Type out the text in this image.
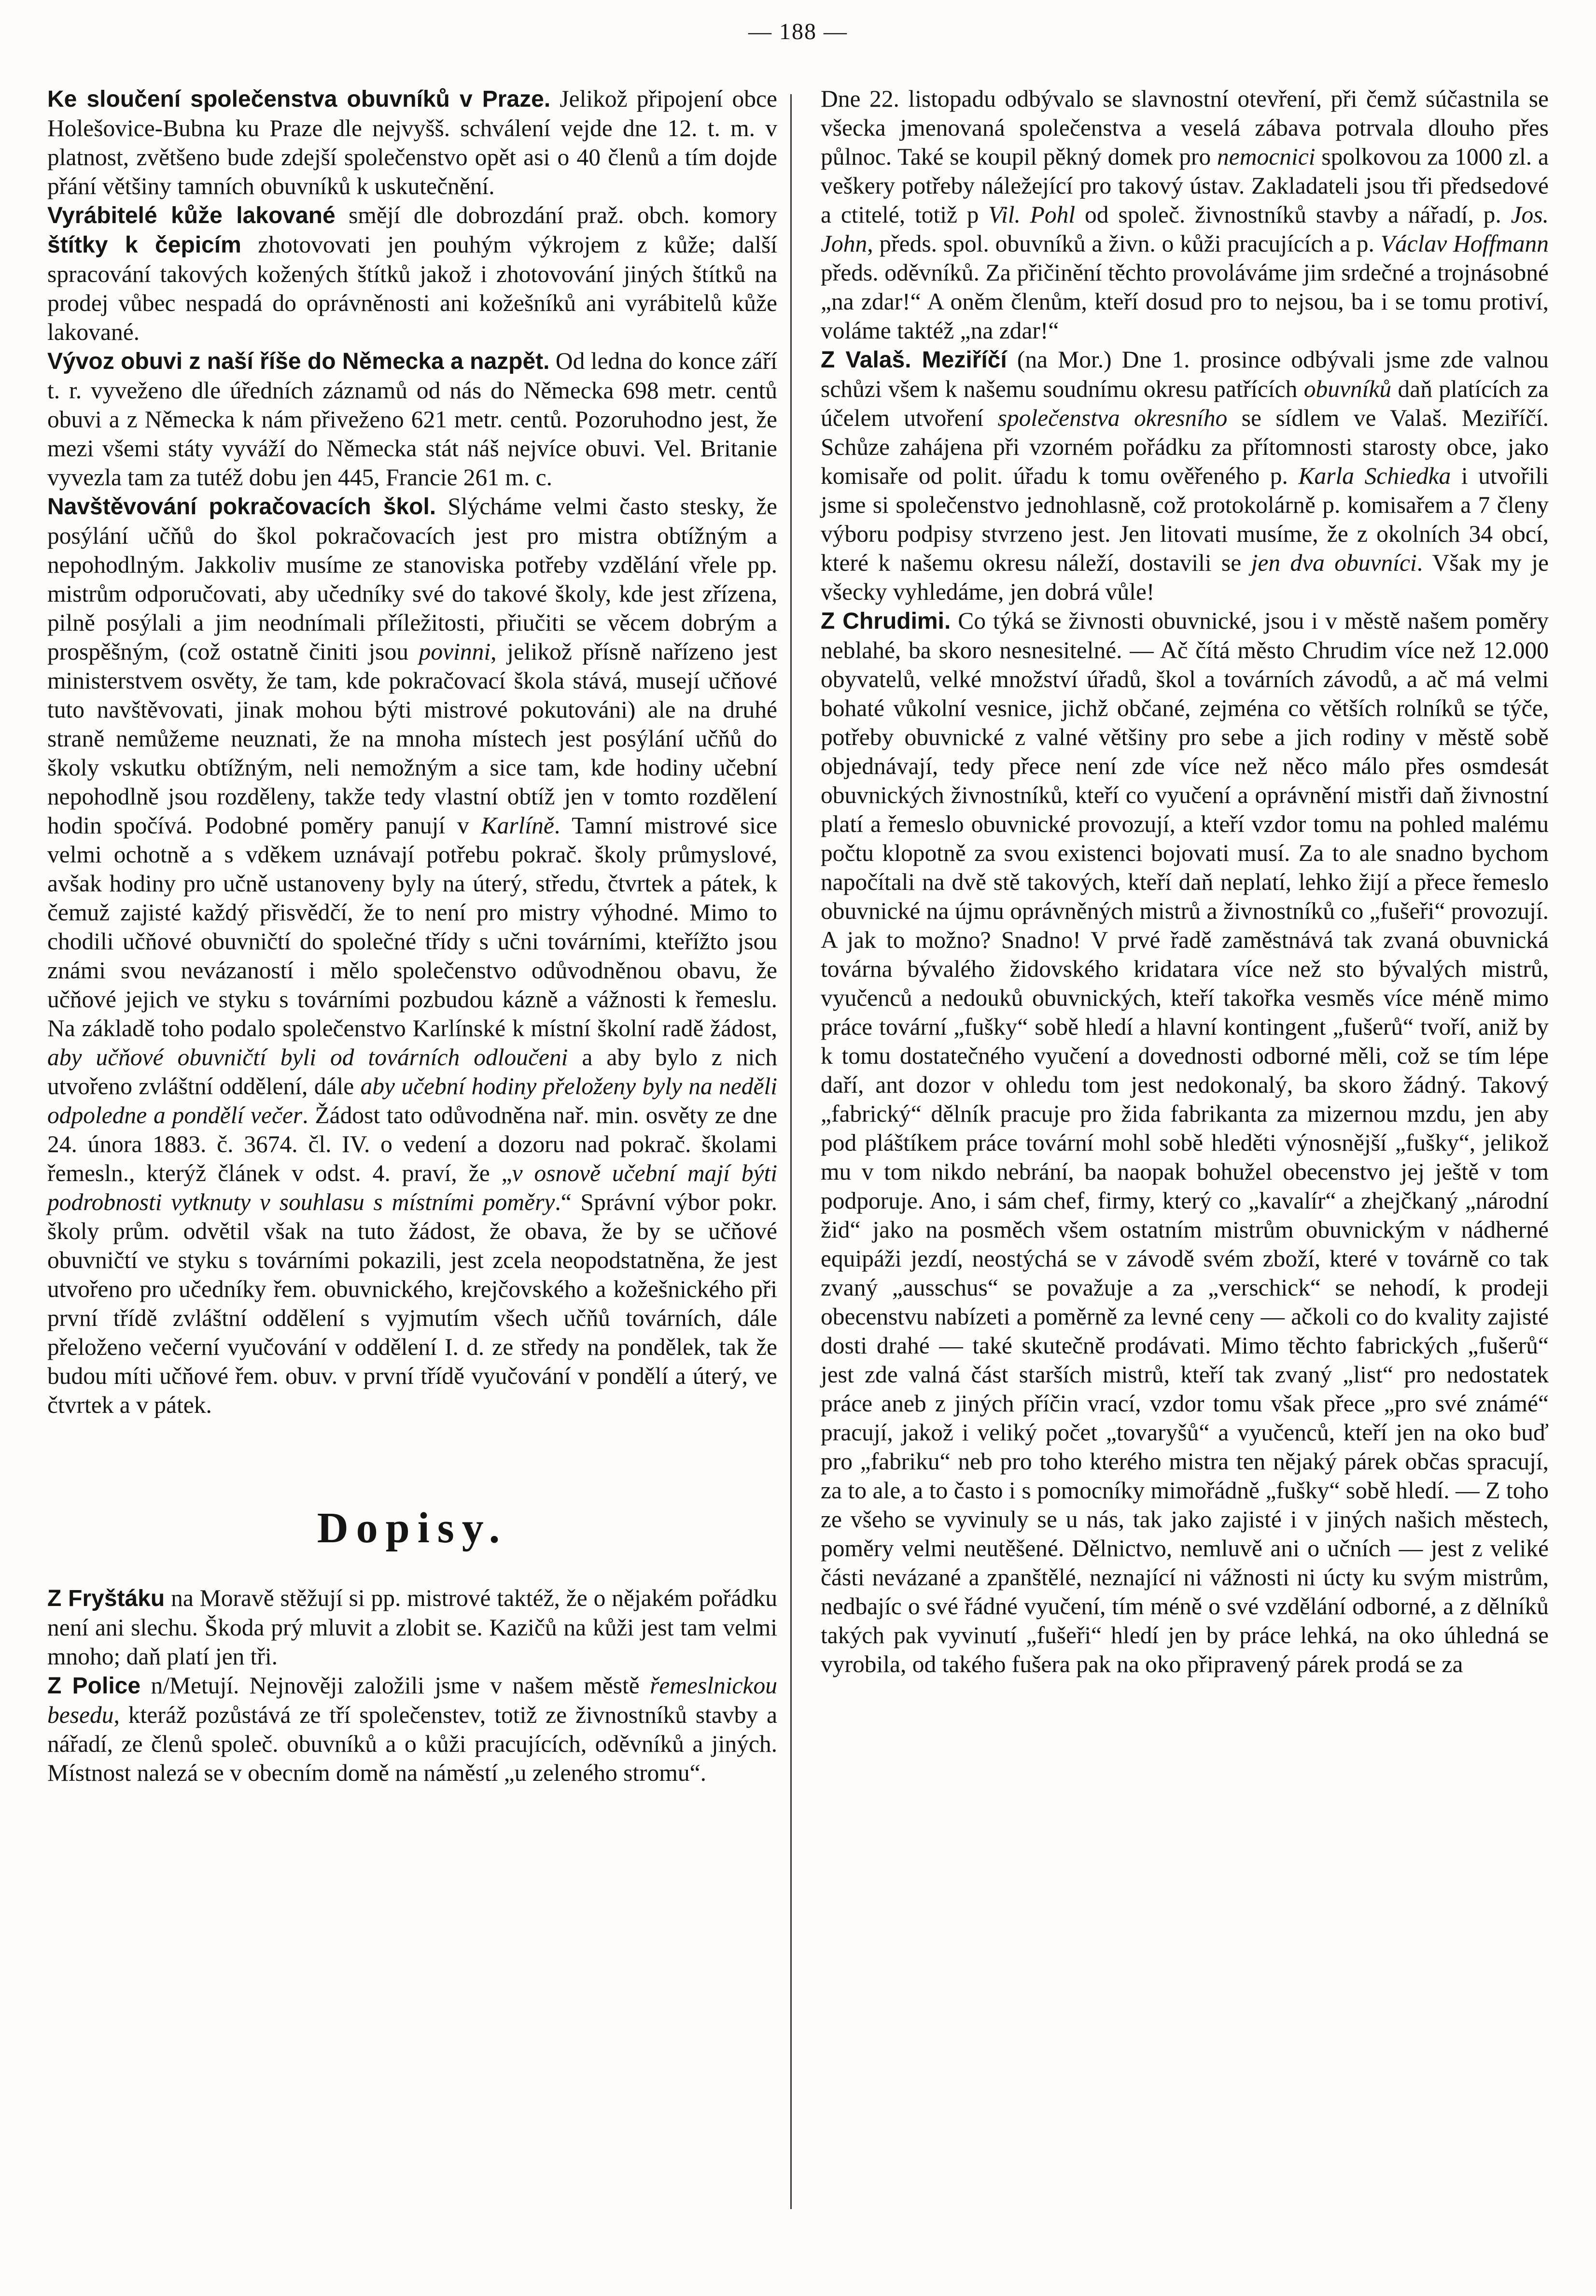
— 188 —

Ke sloučení společenstva obuvníků v Praze. Jelikož připojení obce Holešovice-Bubna ku Praze dle nejvyšš. schválení vejde dne 12. t. m. v platnost, zvětšeno bude zdejší společenstvo opět asi o 40 členů a tím dojde přání většiny tamních obuvníků k uskutečnění.

Vyrábitelé kůže lakované smějí dle dobrozdání praž. obch. komory štítky k čepicím zhotovovati jen pouhým výkrojem z kůže; další spracování takových kožených štítků jakož i zhotovování jiných štítků na prodej vůbec nespadá do oprávněnosti ani kožešníků ani vyrábitelů kůže lakované.

Vývoz obuvi z naší říše do Německa a nazpět. Od ledna do konce září t. r. vyveženo dle úředních záznamů od nás do Německa 698 metr. centů obuvi a z Německa k nám přiveženo 621 metr. centů. Pozoruhodno jest, že mezi všemi státy vyváží do Německa stát náš nejvíce obuvi. Vel. Britanie vyvezla tam za tutéž dobu jen 445, Francie 261 m. c.

Navštěvování pokračovacích škol. Slýcháme velmi často stesky, že posýlání učňů do škol pokračovacích jest pro mistra obtížným a nepohodlným. Jakkoliv musíme ze stanoviska potřeby vzdělání vřele pp. mistrům odporučovati, aby učedníky své do takové školy, kde jest zřízena, pilně posýlali a jim neodnímali příležitosti, přiučiti se věcem dobrým a prospěšným, (což ostatně činiti jsou povinni, jelikož přísně nařízeno jest ministerstvem osvěty, že tam, kde pokračovací škola stává, musejí učňové tuto navštěvovati, jinak mohou býti mistrové pokutováni) ale na druhé straně nemůžeme neuznati, že na mnoha místech jest posýlání učňů do školy vskutku obtížným, neli nemožným a sice tam, kde hodiny učební nepohodlně jsou rozděleny, takže tedy vlastní obtíž jen v tomto rozdělení hodin spočívá. Podobné poměry panují v Karlíně. Tamní mistrové sice velmi ochotně a s vděkem uznávají potřebu pokrač. školy průmyslové, avšak hodiny pro učně ustanoveny byly na úterý, středu, čtvrtek a pátek, k čemuž zajisté každý přisvědčí, že to není pro mistry výhodné. Mimo to chodili učňové obuvničtí do společné třídy s učni továrními, kteřížto jsou známi svou nevázaností i mělo společenstvo odůvodněnou obavu, že učňové jejich ve styku s továrními pozbudou kázně a vážnosti k řemeslu. Na základě toho podalo společenstvo Karlínské k místní školní radě žádost, aby učňové obuvničtí byli od továrních odloučeni a aby bylo z nich utvořeno zvláštní oddělení, dále aby učební hodiny přeloženy byly na neděli odpoledne a pondělí večer. Žádost tato odůvodněna nař. min. osvěty ze dne 24. února 1883. č. 3674. čl. IV. o vedení a dozoru nad pokrač. školami řemesln., kterýž článek v odst. 4. praví, že „v osnově učební mají býti podrobnosti vytknuty v souhlasu s místními poměry.“ Správní výbor pokr. školy prům. odvětil však na tuto žádost, že obava, že by se učňové obuvničtí ve styku s továrními pokazili, jest zcela neopodstatněna, že jest utvořeno pro učedníky řem. obuvnického, krejčovského a kožešnického při první třídě zvláštní oddělení s vyjmutím všech učňů továrních, dále přeloženo večerní vyučování v oddělení I. d. ze středy na pondělek, tak že budou míti učňové řem. obuv. v první třídě vyučování v pondělí a úterý, ve čtvrtek a v pátek.

Dopisy.

Z Fryštáku na Moravě stěžují si pp. mistrové taktéž, že o nějakém pořádku není ani slechu. Škoda prý mluvit a zlobit se. Kazičů na kůži jest tam velmi mnoho; daň platí jen tři.

Z Police n/Metují. Nejnověji založili jsme v našem městě řemeslnickou besedu, kteráž pozůstává ze tří společenstev, totiž ze živnostníků stavby a nářadí, ze členů společ. obuvníků a o kůži pracujících, oděvníků a jiných. Místnost nalezá se v obecním domě na náměstí „u zeleného stromu“.

Dne 22. listopadu odbývalo se slavnostní otevření, při čemž súčastnila se všecka jmenovaná společenstva a veselá zábava potrvala dlouho přes půlnoc. Také se koupil pěkný domek pro nemocnici spolkovou za 1000 zl. a veškery potřeby náležející pro takový ústav. Zakladateli jsou tři předsedové a ctitelé, totiž p Vil. Pohl od společ. živnostníků stavby a nářadí, p. Jos. John, předs. spol. obuvníků a živn. o kůži pracujících a p. Václav Hoffmann předs. oděvníků. Za přičinění těchto provoláváme jim srdečné a trojnásobné „na zdar!“ A oněm členům, kteří dosud pro to nejsou, ba i se tomu protiví, voláme taktéž „na zdar!“

Z Valaš. Meziříčí (na Mor.) Dne 1. prosince odbývali jsme zde valnou schůzi všem k našemu soudnímu okresu patřících obuvníků daň platících za účelem utvoření společenstva okresního se sídlem ve Valaš. Meziříčí. Schůze zahájena při vzorném pořádku za přítomnosti starosty obce, jako komisaře od polit. úřadu k tomu ověřeného p. Karla Schiedka i utvořili jsme si společenstvo jednohlasně, což protokolárně p. komisařem a 7 členy výboru podpisy stvrzeno jest. Jen litovati musíme, že z okolních 34 obcí, které k našemu okresu náleží, dostavili se jen dva obuvníci. Však my je všecky vyhledáme, jen dobrá vůle!

Z Chrudimi. Co týká se živnosti obuvnické, jsou i v městě našem poměry neblahé, ba skoro nesnesitelné. — Ač čítá město Chrudim více než 12.000 obyvatelů, velké množství úřadů, škol a továrních závodů, a ač má velmi bohaté vůkolní vesnice, jichž občané, zejména co větších rolníků se týče, potřeby obuvnické z valné většiny pro sebe a jich rodiny v městě sobě objednávají, tedy přece není zde více než něco málo přes osmdesát obuvnických živnostníků, kteří co vyučení a oprávnění mistři daň živnostní platí a řemeslo obuvnické provozují, a kteří vzdor tomu na pohled malému počtu klopotně za svou existenci bojovati musí. Za to ale snadno bychom napočítali na dvě stě takových, kteří daň neplatí, lehko žijí a přece řemeslo obuvnické na újmu oprávněných mistrů a živnostníků co „fušeři“ provozují. A jak to možno? Snadno! V prvé řadě zaměstnává tak zvaná obuvnická továrna bývalého židovského kridatara více než sto bývalých mistrů, vyučenců a nedouků obuvnických, kteří takořka vesměs více méně mimo práce tovární „fušky“ sobě hledí a hlavní kontingent „fušerů“ tvoří, aniž by k tomu dostatečného vyučení a dovednosti odborné měli, což se tím lépe daří, ant dozor v ohledu tom jest nedokonalý, ba skoro žádný. Takový „fabrický“ dělník pracuje pro žida fabrikanta za mizernou mzdu, jen aby pod pláštíkem práce tovární mohl sobě hleděti výnosnější „fušky“, jelikož mu v tom nikdo nebrání, ba naopak bohužel obecenstvo jej ještě v tom podporuje. Ano, i sám chef, firmy, který co „kavalír“ a zhejčkaný „národní žid“ jako na posměch všem ostatním mistrům obuvnickým v nádherné equipáži jezdí, neostýchá se v závodě svém zboží, které v továrně co tak zvaný „ausschus“ se považuje a za „verschick“ se nehodí, k prodeji obecenstvu nabízeti a poměrně za levné ceny — ačkoli co do kvality zajisté dosti drahé — také skutečně prodávati. Mimo těchto fabrických „fušerů“ jest zde valná část starších mistrů, kteří tak zvaný „list“ pro nedostatek práce aneb z jiných příčin vrací, vzdor tomu však přece „pro své známé“ pracují, jakož i veliký počet „tovaryšů“ a vyučenců, kteří jen na oko buď pro „fabriku“ neb pro toho kterého mistra ten nějaký párek občas spracují, za to ale, a to často i s pomocníky mimořádně „fušky“ sobě hledí. — Z toho ze všeho se vyvinuly se u nás, tak jako zajisté i v jiných našich městech, poměry velmi neutěšené. Dělnictvo, nemluvě ani o učních — jest z veliké části nevázané a zpanštělé, neznající ni vážnosti ni úcty ku svým mistrům, nedbajíc o své řádné vyučení, tím méně o své vzdělání odborné, a z dělníků takých pak vyvinutí „fušeři“ hledí jen by práce lehká, na oko úhledná se vyrobila, od takého fušera pak na oko připravený párek prodá se za
